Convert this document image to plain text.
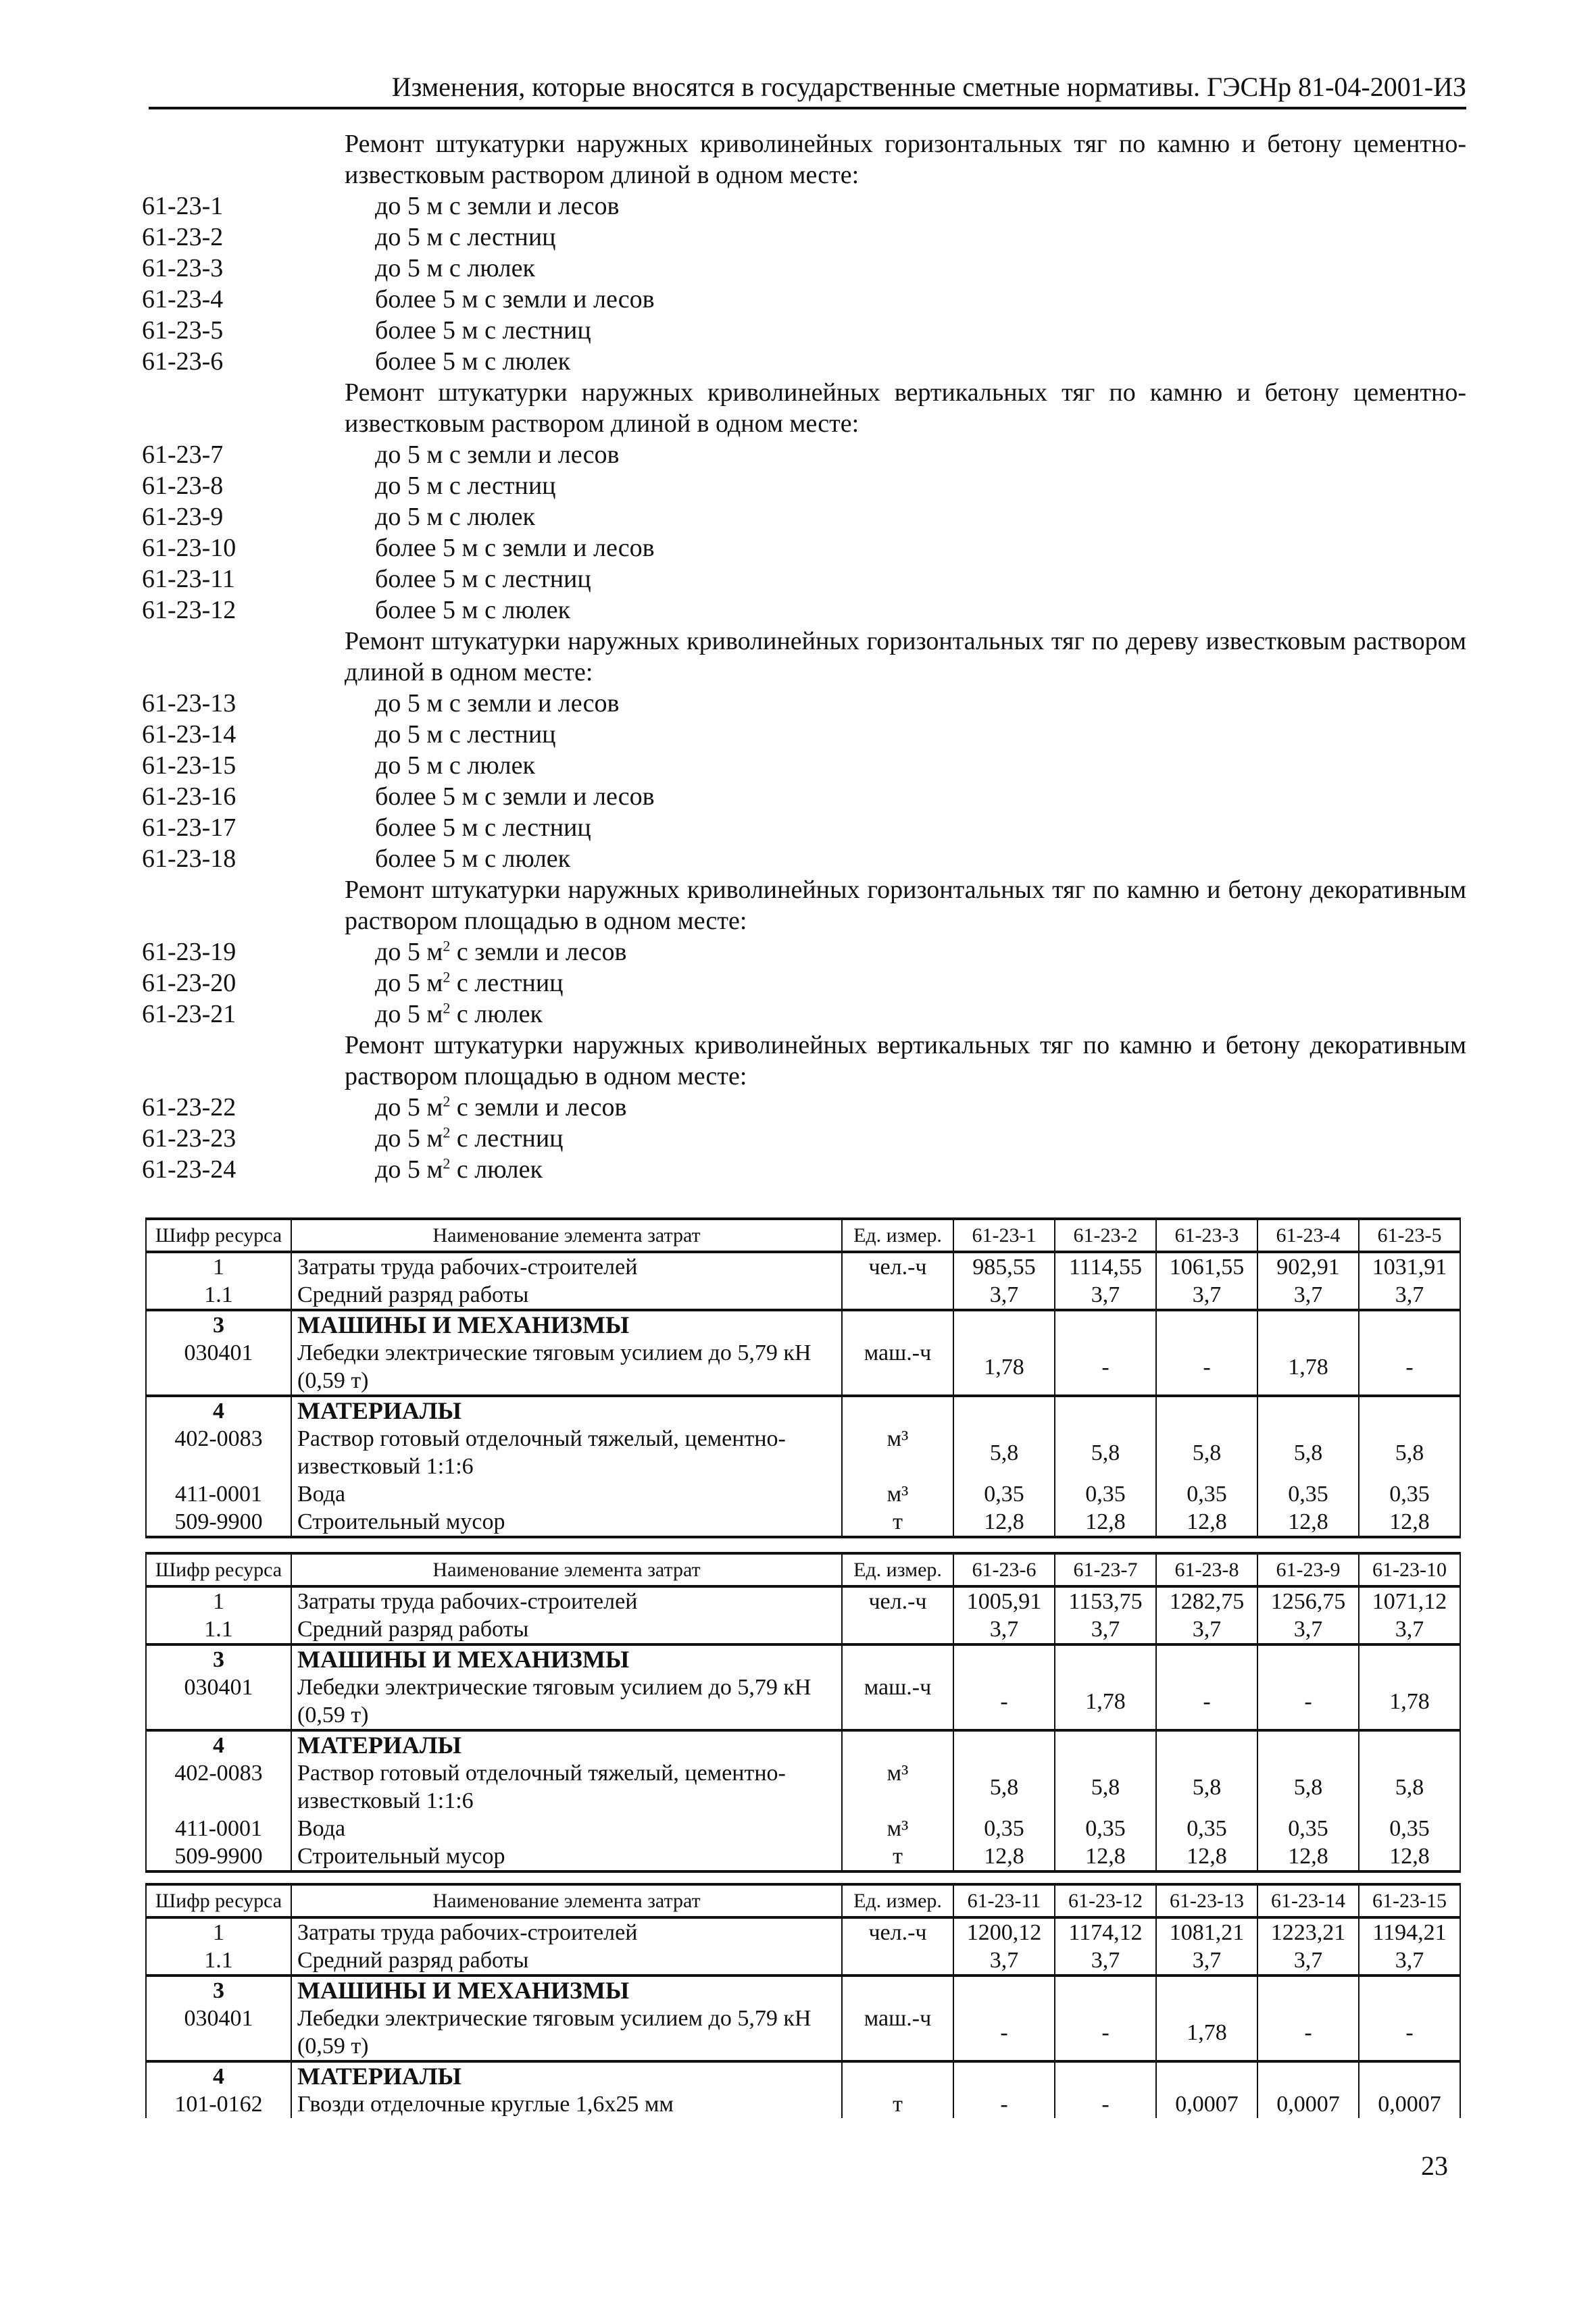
Изменения, которые вносятся в государственные сметные нормативы. ГЭСНр 81-04-2001-ИЗ
Ремонт штукатурки наружных криволинейных горизонтальных тяг по камню и бетону цементно-известковым раствором длиной в одном месте:
61-23-1	до 5 м с земли и лесов
61-23-2	до 5 м с лестниц
61-23-3	до 5 м с люлек
61-23-4	более 5 м с земли и лесов
61-23-5	более 5 м с лестниц
61-23-6	более 5 м с люлек
Ремонт штукатурки наружных криволинейных вертикальных тяг по камню и бетону цементно-известковым раствором длиной в одном месте:
61-23-7	до 5 м с земли и лесов
61-23-8	до 5 м с лестниц
61-23-9	до 5 м с люлек
61-23-10	более 5 м с земли и лесов
61-23-11	более 5 м с лестниц
61-23-12	более 5 м с люлек
Ремонт штукатурки наружных криволинейных горизонтальных тяг по дереву известковым раствором длиной в одном месте:
61-23-13	до 5 м с земли и лесов
61-23-14	до 5 м с лестниц
61-23-15	до 5 м с люлек
61-23-16	более 5 м с земли и лесов
61-23-17	более 5 м с лестниц
61-23-18	более 5 м с люлек
Ремонт штукатурки наружных криволинейных горизонтальных тяг по камню и бетону декоративным раствором площадью в одном месте:
61-23-19	до 5 $м^2$ с земли и лесов
61-23-20	до 5 $м^2$ с лестниц
61-23-21	до 5 $м^2$ с люлек
Ремонт штукатурки наружных криволинейных вертикальных тяг по камню и бетону декоративным раствором площадью в одном месте:
61-23-22	до 5 $м^2$ с земли и лесов
61-23-23	до 5 $м^2$ с лестниц
61-23-24	до 5 $м^2$ с люлек
Шифр ресурса	Наименование элемента затрат	Ед. измер.	61-23-1	61-23-2	61-23-3	61-23-4	61-23-5
1	Затраты труда рабочих-строителей	чел.-ч	985,55	1114,55	1061,55	902,91	1031,91
1.1	Средний разряд работы		3,7	3,7	3,7	3,7	3,7
3	МАШИНЫ И МЕХАНИЗМЫ						
030401	Лебедки электрические тяговым усилием до 5,79 кН (0,59 т)	маш.-ч	1,78	-	-	1,78	-
4	МАТЕРИАЛЫ						
402-0083	Раствор готовый отделочный тяжелый, цементно-известковый 1:1:6	м³	5,8	5,8	5,8	5,8	5,8
411-0001	Вода	м³	0,35	0,35	0,35	0,35	0,35
509-9900	Строительный мусор	т	12,8	12,8	12,8	12,8	12,8
Шифр ресурса	Наименование элемента затрат	Ед. измер.	61-23-6	61-23-7	61-23-8	61-23-9	61-23-10
1	Затраты труда рабочих-строителей	чел.-ч	1005,91	1153,75	1282,75	1256,75	1071,12
1.1	Средний разряд работы		3,7	3,7	3,7	3,7	3,7
3	МАШИНЫ И МЕХАНИЗМЫ						
030401	Лебедки электрические тяговым усилием до 5,79 кН (0,59 т)	маш.-ч	-	1,78	-	-	1,78
4	МАТЕРИАЛЫ						
402-0083	Раствор готовый отделочный тяжелый, цементно-известковый 1:1:6	м³	5,8	5,8	5,8	5,8	5,8
411-0001	Вода	м³	0,35	0,35	0,35	0,35	0,35
509-9900	Строительный мусор	т	12,8	12,8	12,8	12,8	12,8
Шифр ресурса	Наименование элемента затрат	Ед. измер.	61-23-11	61-23-12	61-23-13	61-23-14	61-23-15
1	Затраты труда рабочих-строителей	чел.-ч	1200,12	1174,12	1081,21	1223,21	1194,21
1.1	Средний разряд работы		3,7	3,7	3,7	3,7	3,7
3	МАШИНЫ И МЕХАНИЗМЫ						
030401	Лебедки электрические тяговым усилием до 5,79 кН (0,59 т)	маш.-ч	-	-	1,78	-	-
4	МАТЕРИАЛЫ						
101-0162	Гвозди отделочные круглые 1,6х25 мм	т	-	-	0,0007	0,0007	0,0007
23
